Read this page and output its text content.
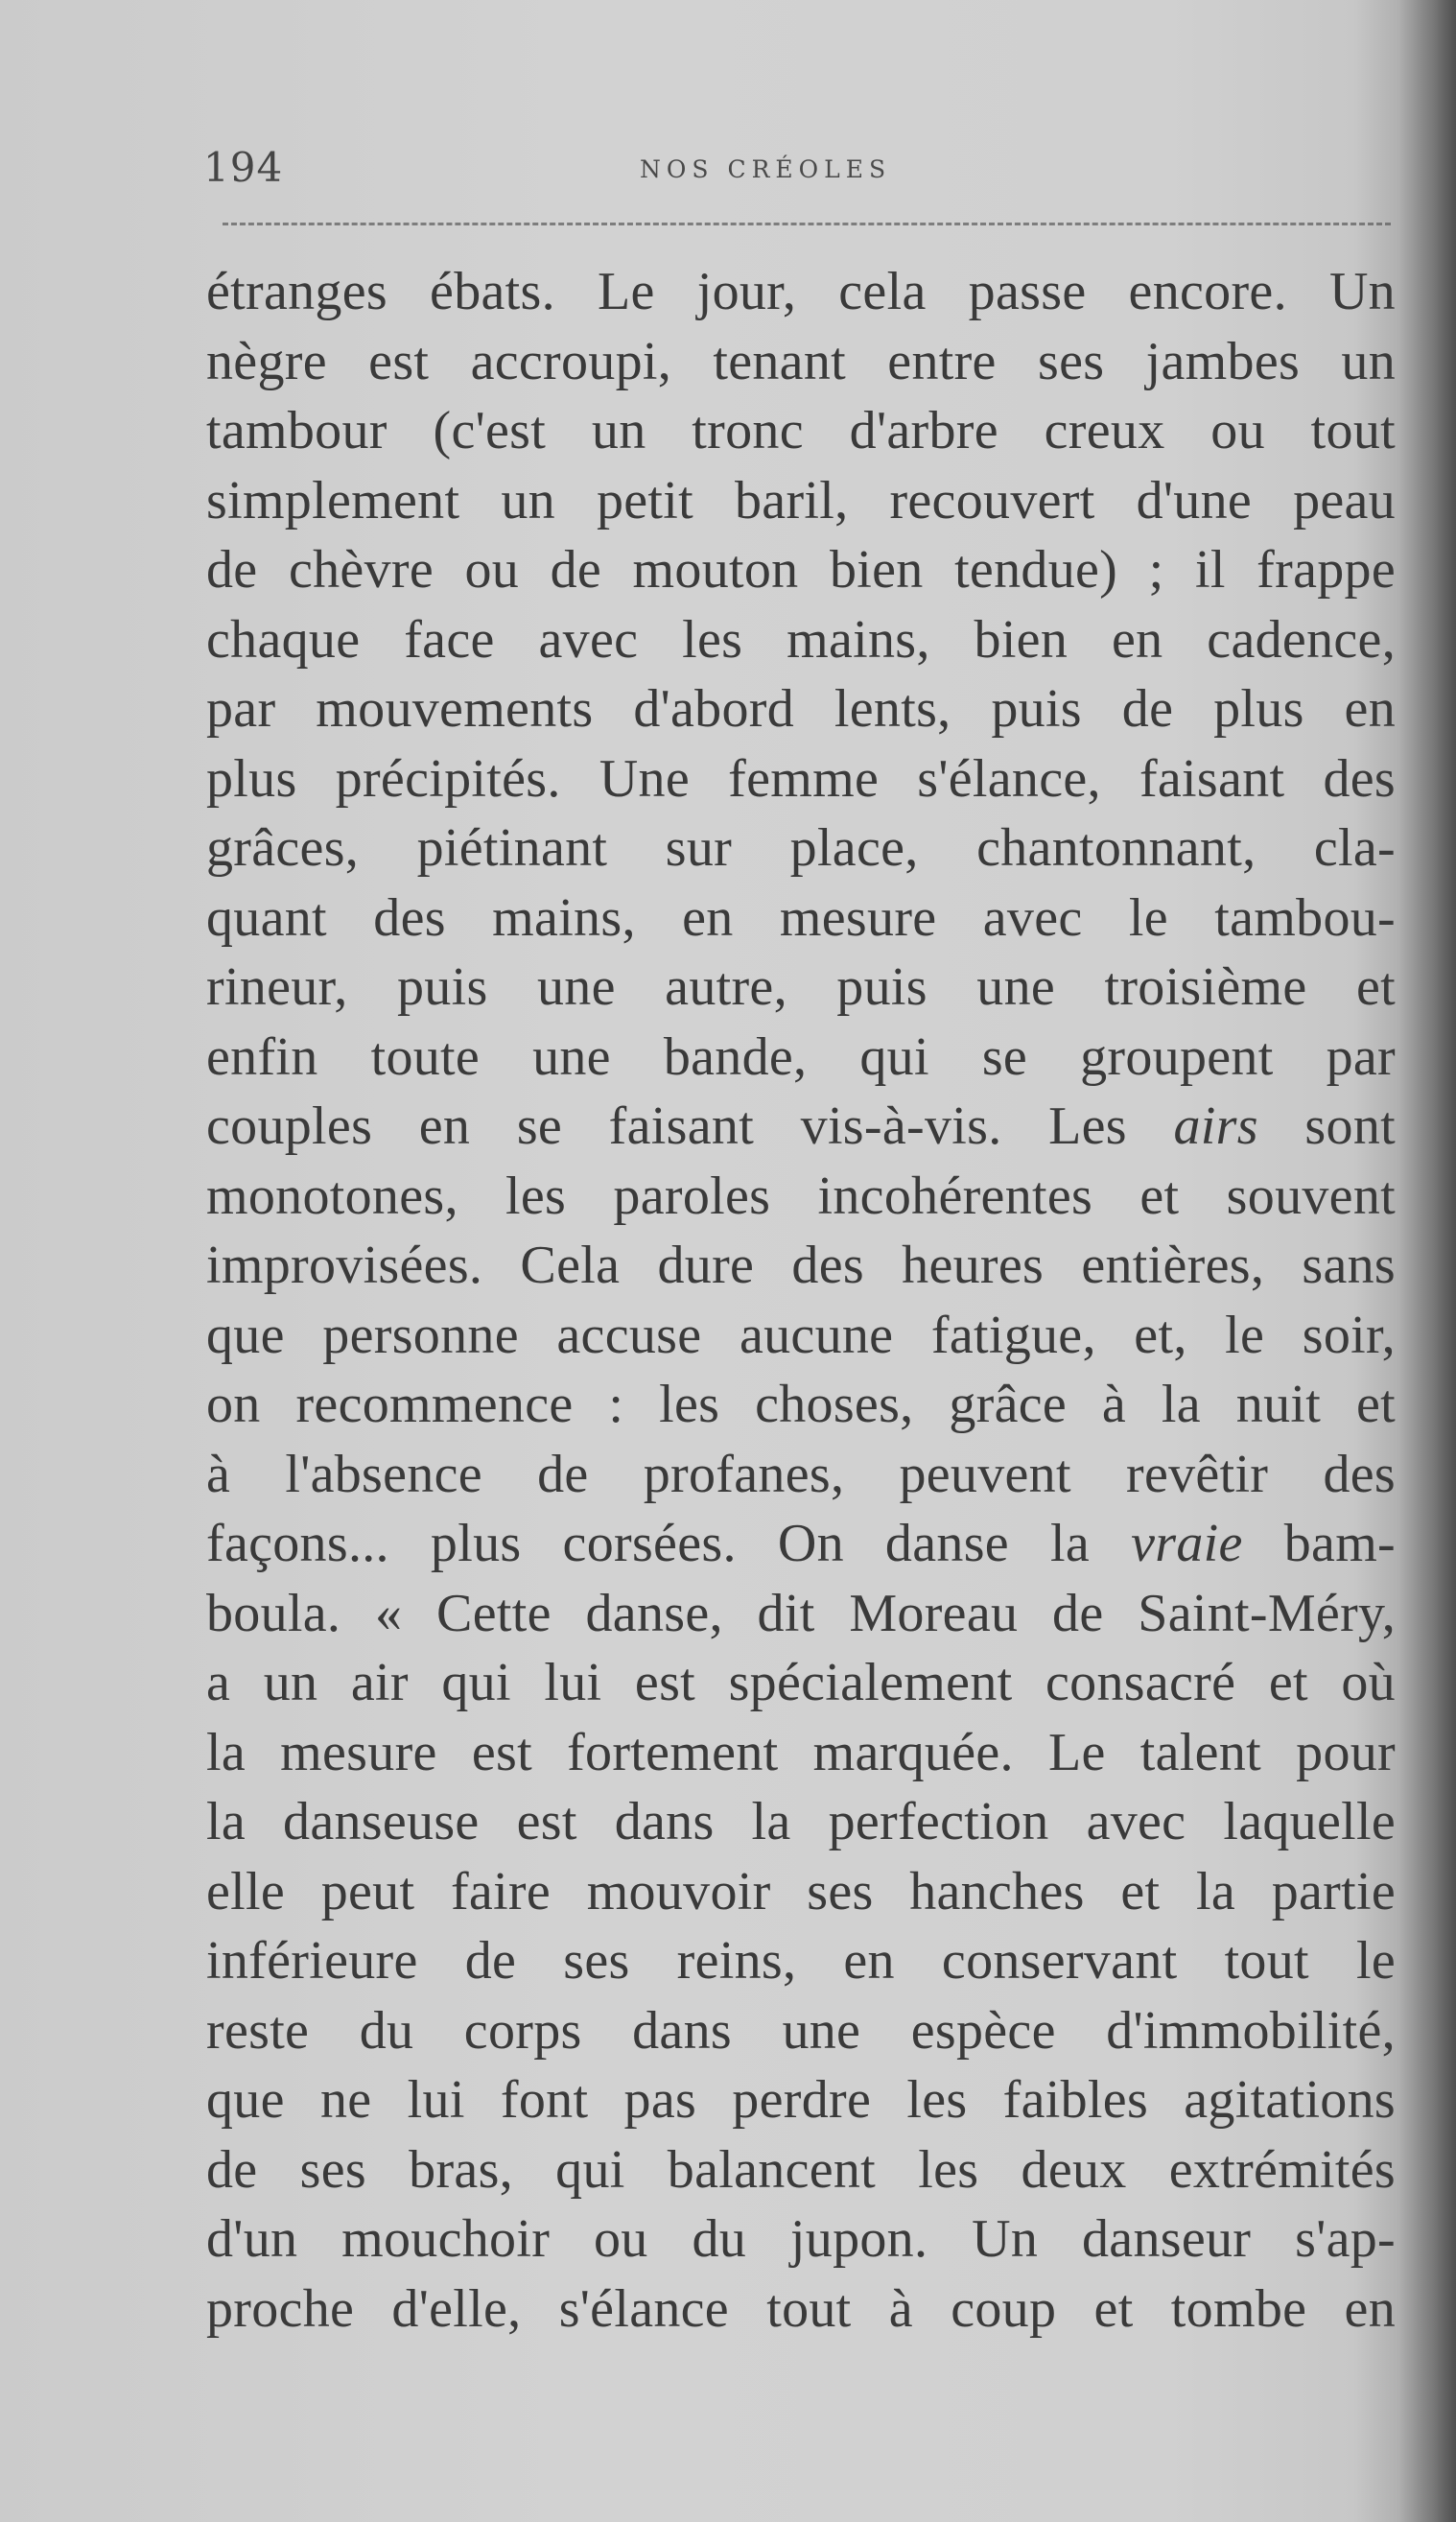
194	NOS CRÉOLES
étranges ébats. Le jour, cela passe encore. Un
nègre est accroupi, tenant entre ses jambes un
tambour (c'est un tronc d'arbre creux ou tout
simplement un petit baril, recouvert d'une peau
de chèvre ou de mouton bien tendue) ; il frappe
chaque face avec les mains, bien en cadence,
par mouvements d'abord lents, puis de plus en
plus précipités. Une femme s'élance, faisant des
grâces, piétinant sur place, chantonnant, cla-
quant des mains, en mesure avec le tambou-
rineur, puis une autre, puis une troisième et
enfin toute une bande, qui se groupent par
couples en se faisant vis-à-vis. Les airs sont
monotones, les paroles incohérentes et souvent
improvisées. Cela dure des heures entières, sans
que personne accuse aucune fatigue, et, le soir,
on recommence : les choses, grâce à la nuit et
à l'absence de profanes, peuvent revêtir des
façons... plus corsées. On danse la vraie bam-
boula. « Cette danse, dit Moreau de Saint-Méry,
a un air qui lui est spécialement consacré et où
la mesure est fortement marquée. Le talent pour
la danseuse est dans la perfection avec laquelle
elle peut faire mouvoir ses hanches et la partie
inférieure de ses reins, en conservant tout le
reste du corps dans une espèce d'immobilité,
que ne lui font pas perdre les faibles agitations
de ses bras, qui balancent les deux extrémités
d'un mouchoir ou du jupon. Un danseur s'ap-
proche d'elle, s'élance tout à coup et tombe en
